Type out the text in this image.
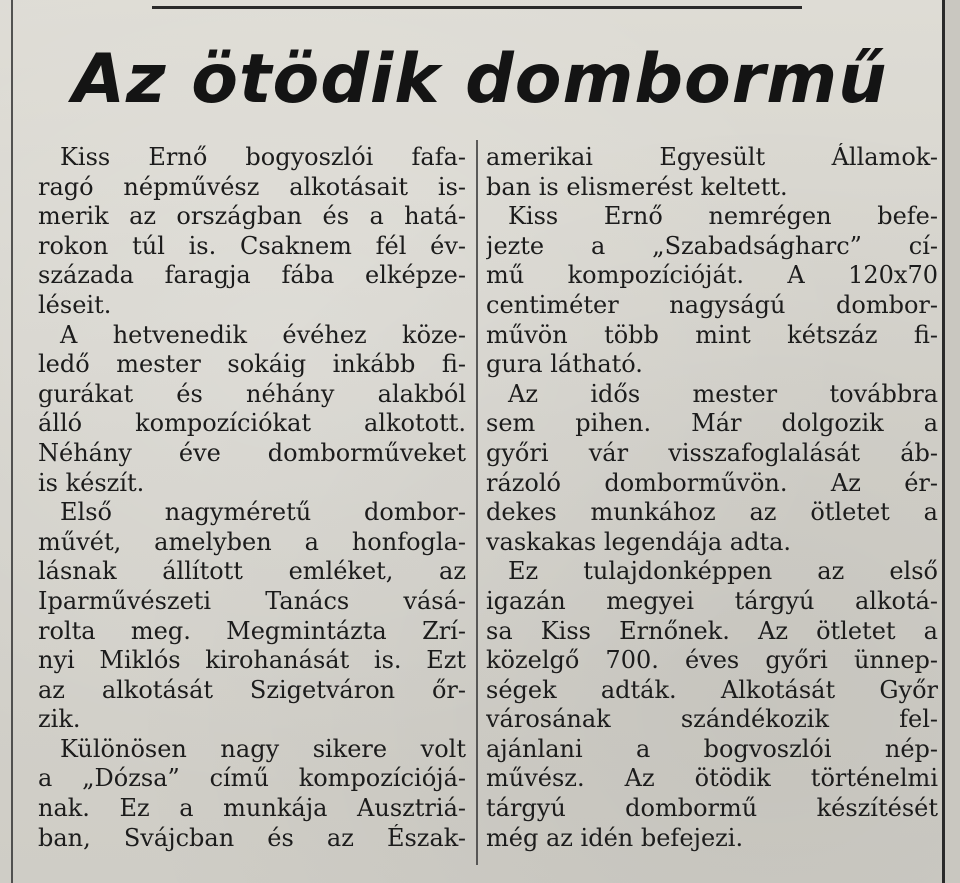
Az ötödik dombormű
Kiss Ernő bogyoszlói fafa-
ragó népművész alkotásait is-
merik az országban és a hatá-
rokon túl is. Csaknem fél év-
százada faragja fába elképze-
léseit.
A hetvenedik évéhez köze-
ledő mester sokáig inkább fi-
gurákat és néhány alakból
álló kompozíciókat alkotott.
Néhány éve domborműveket
is készít.
Első nagyméretű dombor-
művét, amelyben a honfogla-
lásnak állított emléket, az
Iparművészeti Tanács vásá-
rolta meg. Megmintázta Zrí-
nyi Miklós kirohanását is. Ezt
az alkotását Szigetváron őr-
zik.
Különösen nagy sikere volt
a „Dózsa” című kompozíciójá-
nak. Ez a munkája Ausztriá-
ban, Svájcban és az Észak-
amerikai Egyesült Államok-
ban is elismerést keltett.
Kiss Ernő nemrégen befe-
jezte a „Szabadságharc” cí-
mű kompozícióját. A 120x70
centiméter nagyságú dombor-
művön több mint kétszáz fi-
gura látható.
Az idős mester továbbra
sem pihen. Már dolgozik a
győri vár visszafoglalását áb-
rázoló domborművön. Az ér-
dekes munkához az ötletet a
vaskakas legendája adta.
Ez tulajdonképpen az első
igazán megyei tárgyú alkotá-
sa Kiss Ernőnek. Az ötletet a
közelgő 700. éves győri ünnep-
ségek adták. Alkotását Győr
városának szándékozik fel-
ajánlani a bogvoszlói nép-
művész. Az ötödik történelmi
tárgyú dombormű készítését
még az idén befejezi.
